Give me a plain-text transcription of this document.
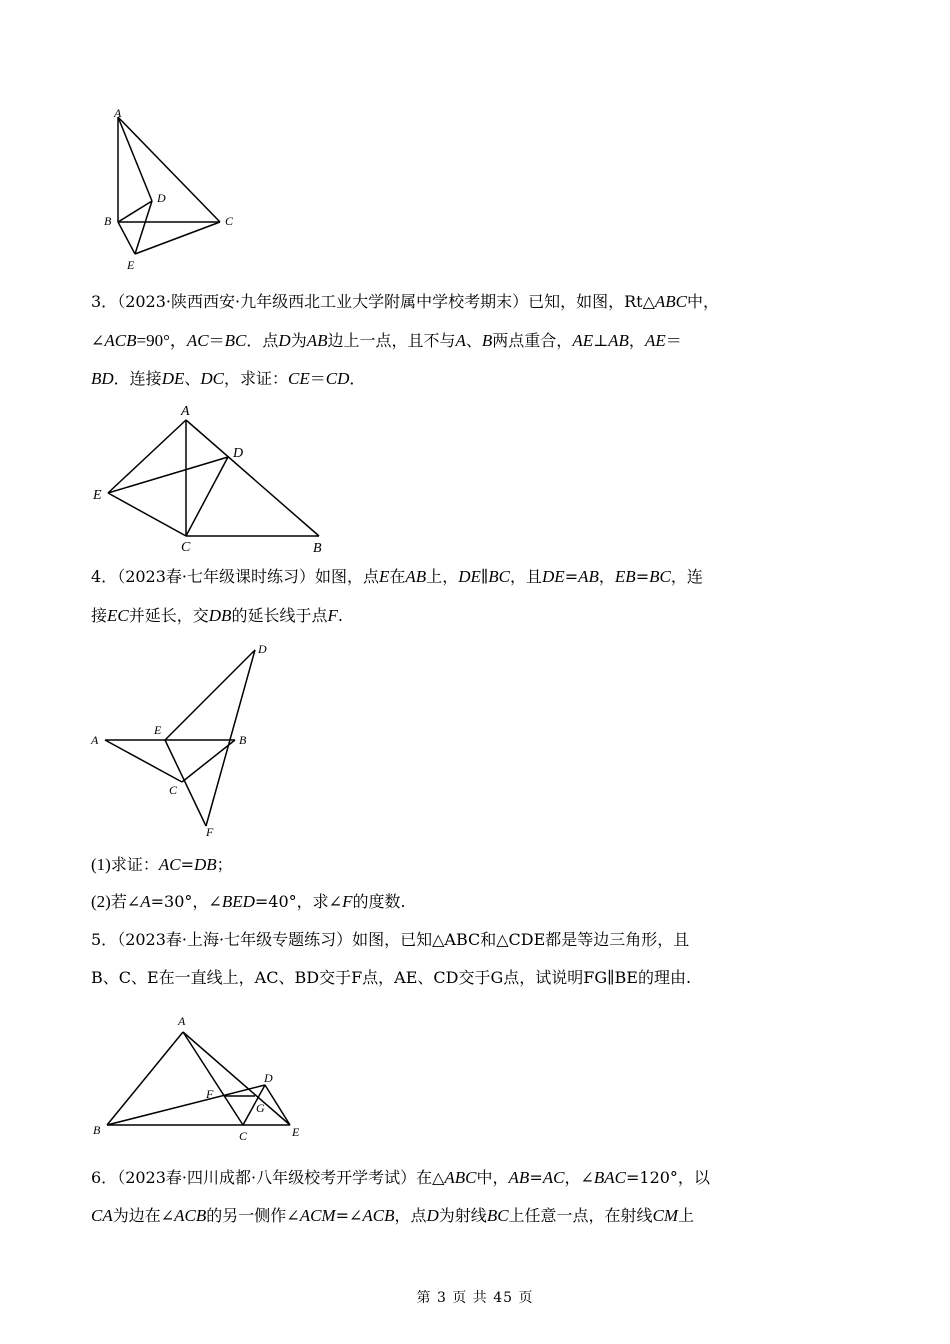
A
B	C
D
E
3．（2023·陕西西安·九年级西北工业大学附属中学校考期末）已知，如图，Rt△ABC中，
∠ACB=90°，AC＝BC．点D为AB边上一点，且不与A、B两点重合，AE⊥AB，AE＝
BD．连接DE、DC，求证：CE＝CD．
A
D
E
C	B
4．（2023春·七年级课时练习）如图，点E在AB上，DE∥BC，且DE=AB，EB=BC，连
接EC并延长，交DB的延长线于点F.
D
A
E
B
C
F
(1)求证：AC=DB；
(2)若∠A=30°，∠BED=40°，求∠F的度数.
5．（2023春·上海·七年级专题练习）如图，已知△ABC和△CDE都是等边三角形，且
B、C、E在一直线上，AC、BD交于F点，AE、CD交于G点，试说明FG∥BE的理由.
A
B	C
D
E
F
G
6．（2023春·四川成都·八年级校考开学考试）在△ABC中，AB=AC，∠BAC=120°，以
CA为边在∠ACB的另一侧作∠ACM=∠ACB，点D为射线BC上任意一点，在射线CM上
第 3 页 共 45 页
